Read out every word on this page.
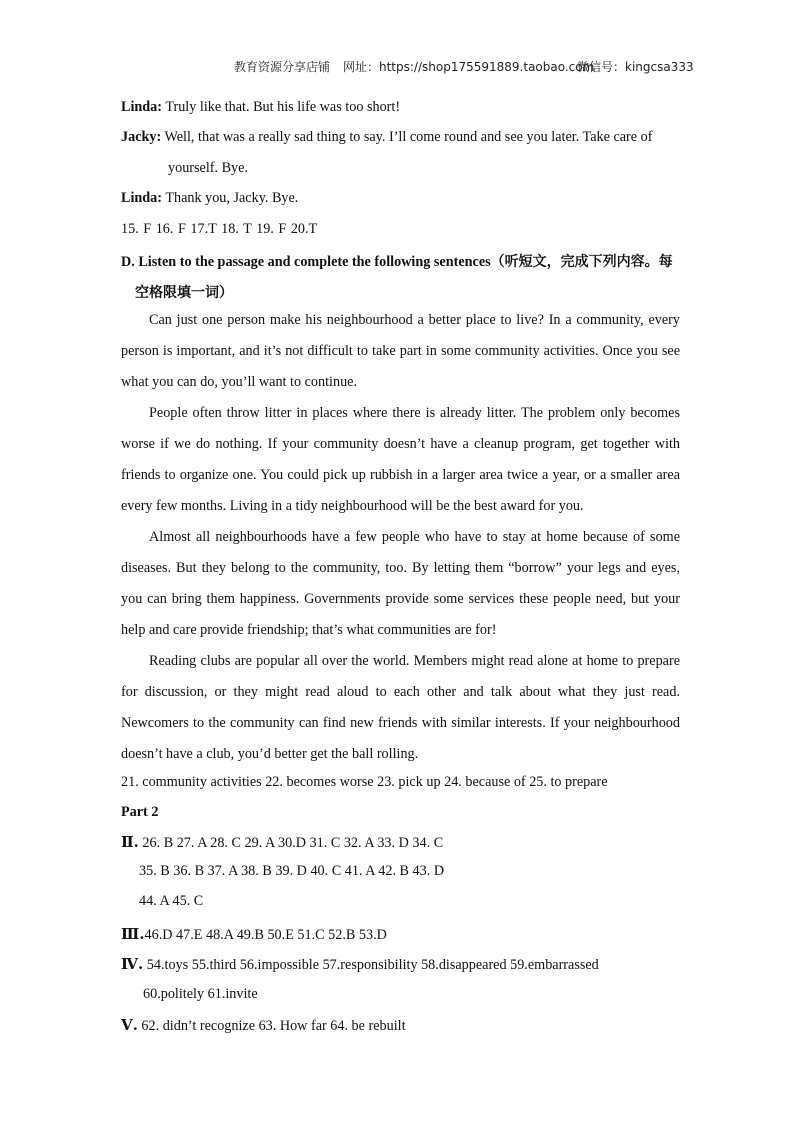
教育资源分享店铺 网址：https://shop175591889.taobao.com
微信号：kingcsa333
Linda: Truly like that. But his life was too short!
Jacky: Well, that was a really sad thing to say. I’ll come round and see you later. Take care of
yourself. Bye.
Linda: Thank you, Jacky. Bye.
15. F 16. F 17.T 18. T 19. F 20.T
D. Listen to the passage and complete the following sentences（听短文，完成下列内容。每
空格限填一词）

Can just one person make his neighbourhood a better place to live? In a community, every person is important, and it’s not difficult to take part in some community activities. Once you see what you can do, you’ll want to continue.

People often throw litter in places where there is already litter. The problem only becomes worse if we do nothing. If your community doesn’t have a cleanup program, get together with friends to organize one. You could pick up rubbish in a larger area twice a year, or a smaller area every few months. Living in a tidy neighbourhood will be the best award for you.

Almost all neighbourhoods have a few people who have to stay at home because of some diseases. But they belong to the community, too. By letting them “borrow” your legs and eyes, you can bring them happiness. Governments provide some services these people need, but your help and care provide friendship; that’s what communities are for!

Reading clubs are popular all over the world. Members might read alone at home to prepare for discussion, or they might read aloud to each other and talk about what they just read. Newcomers to the community can find new friends with similar interests. If your neighbourhood doesn’t have a club, you’d better get the ball rolling.

21. community activities 22. becomes worse 23. pick up 24. because of 25. to prepare
Part 2
Ⅱ. 26. B 27. A 28. C 29. A 30.D 31. C 32. A 33. D 34. C
35. B 36. B 37. A 38. B 39. D 40. C 41. A 42. B 43. D
44. A 45. C
Ⅲ.46.D 47.E 48.A 49.B 50.E 51.C 52.B 53.D
Ⅳ. 54.toys 55.third 56.impossible 57.responsibility 58.disappeared 59.embarrassed
60.politely 61.invite
Ⅴ. 62. didn’t recognize 63. How far 64. be rebuilt
